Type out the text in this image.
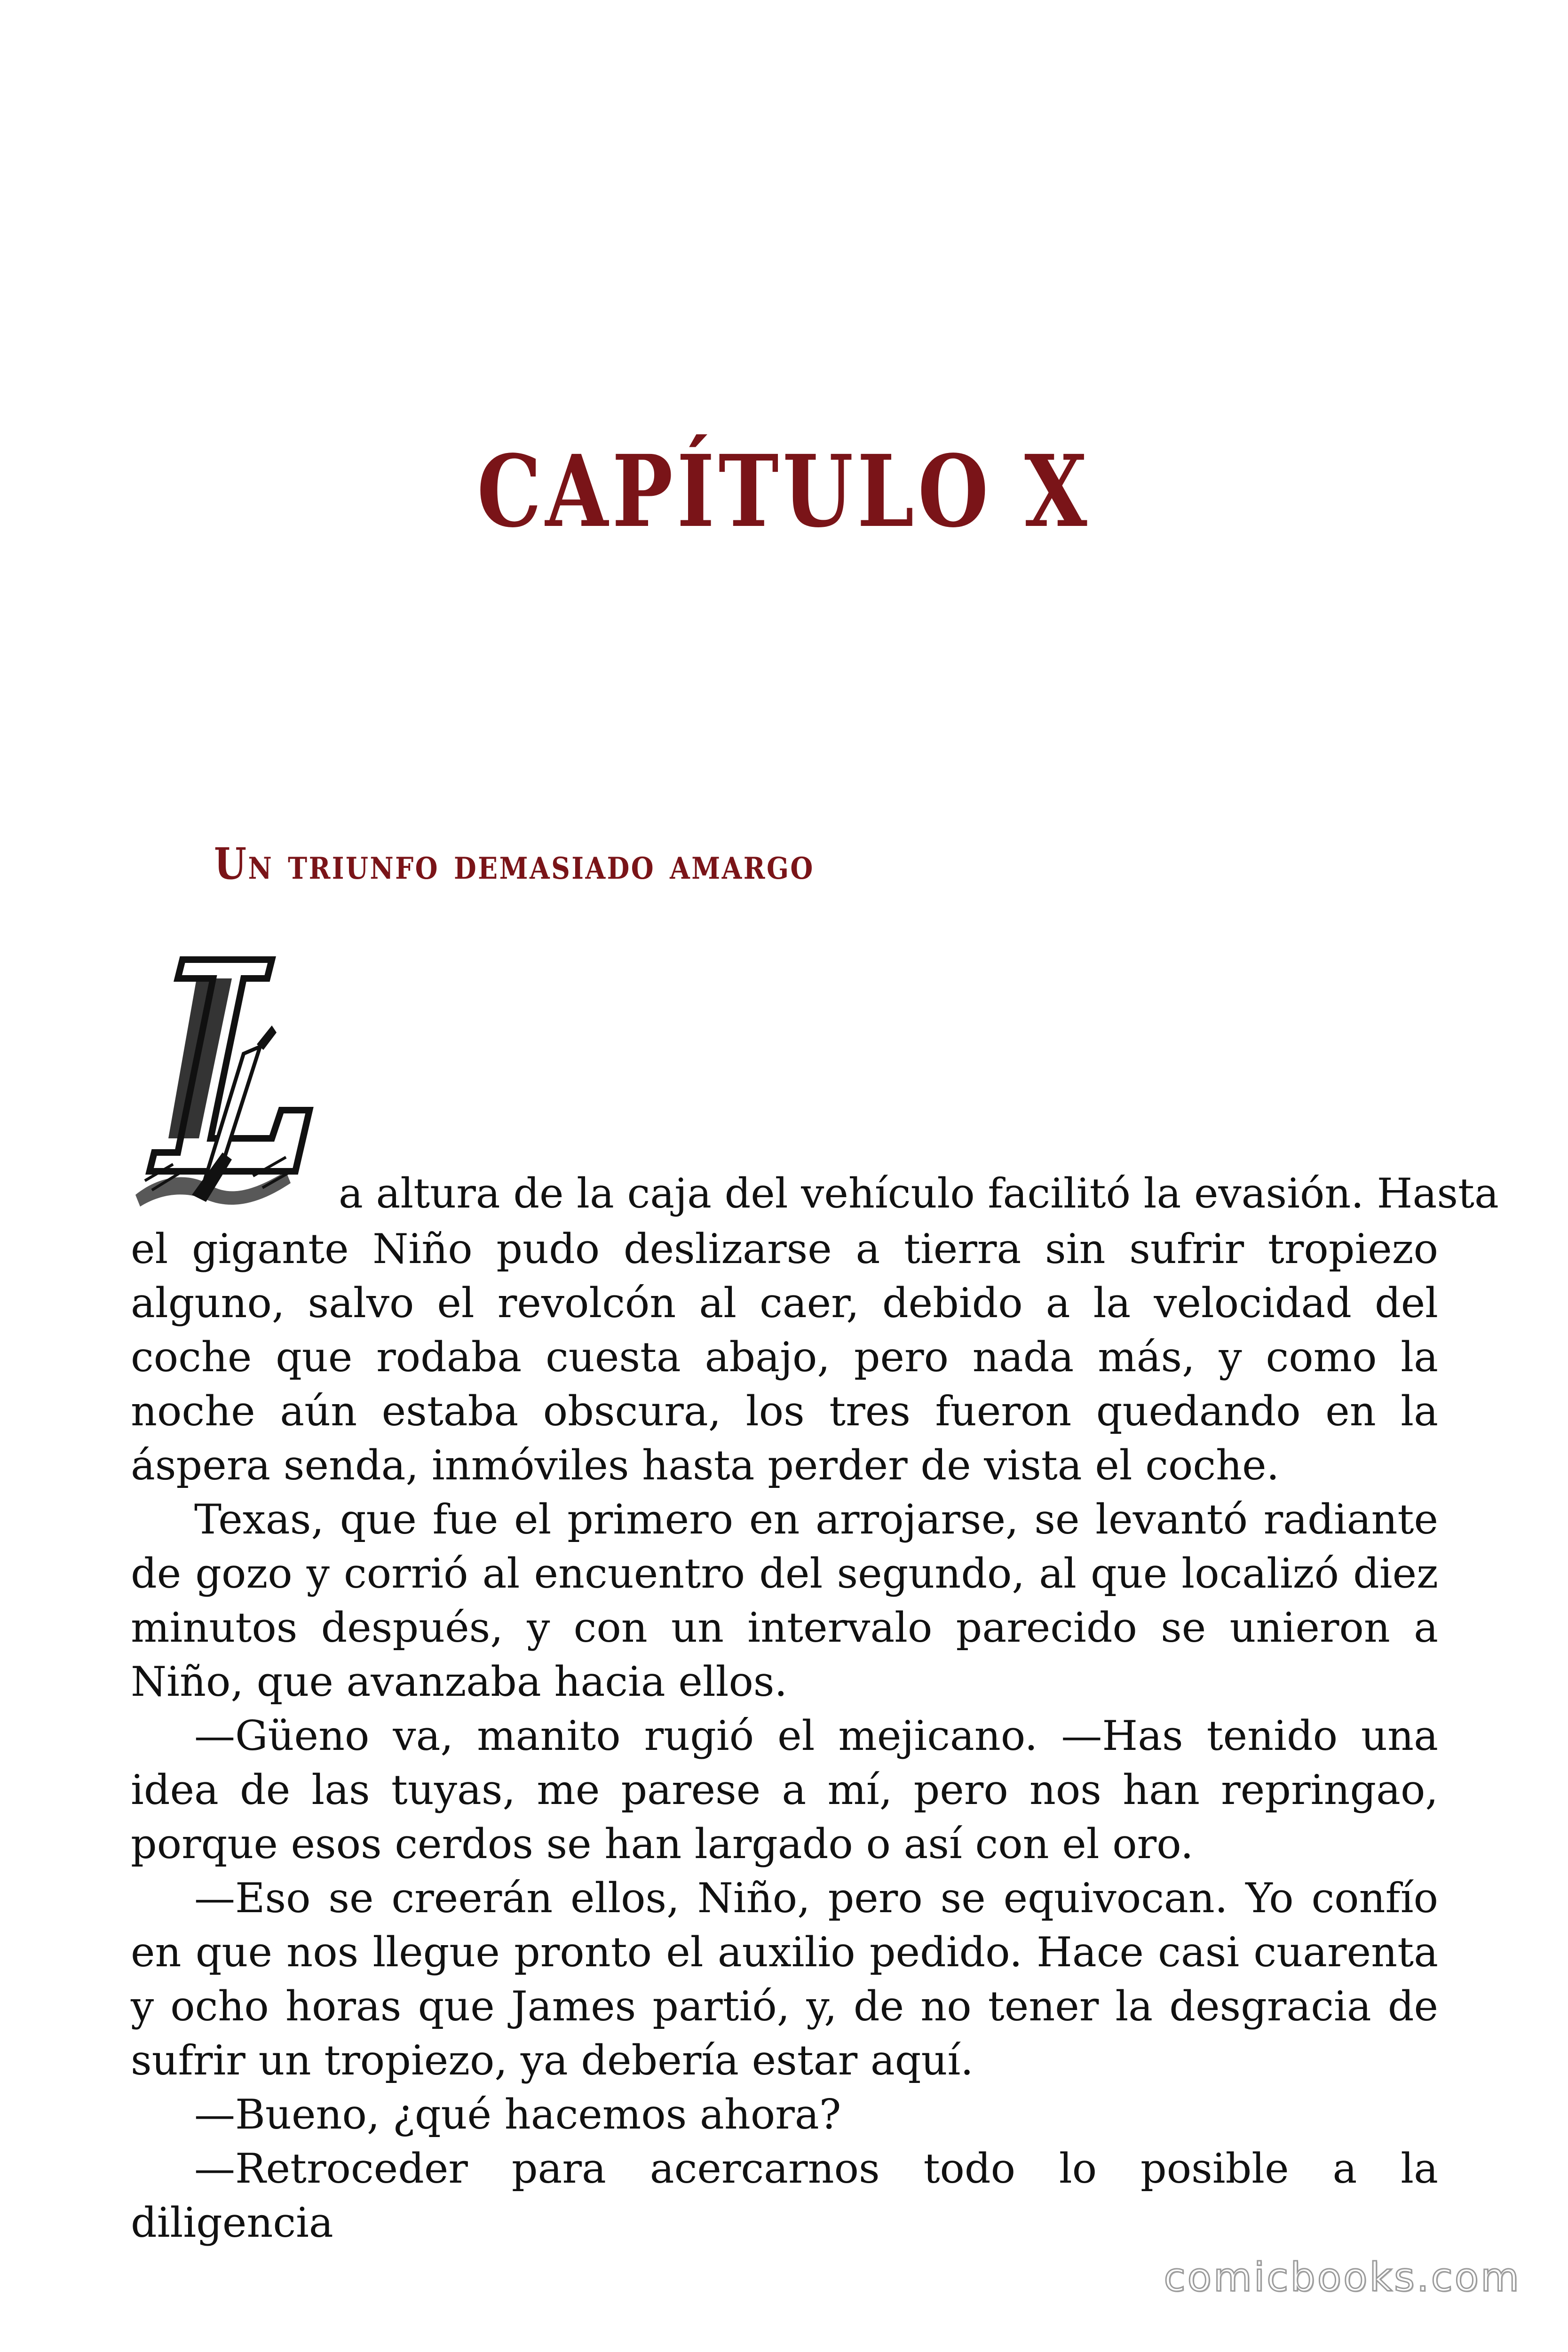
CAPÍTULO X
Un triunfo demasiado amargo
a altura de la caja del vehículo facilitó la evasión. Hasta

el gigante Niño pudo deslizarse a tierra sin sufrir tropiezo alguno, salvo el revolcón al caer, debido a la velocidad del coche que rodaba cuesta abajo, pero nada más, y como la noche aún estaba obscura, los tres fueron quedando en la áspera senda, inmóviles hasta perder de vista el coche.

Texas, que fue el primero en arrojarse, se levantó radiante de gozo y corrió al encuentro del segundo, al que localizó diez minutos después, y con un intervalo parecido se unieron a Niño, que avanzaba hacia ellos.

—Güeno va, manito rugió el mejicano. —Has tenido una idea de las tuyas, me parese a mí, pero nos han repringao, porque esos cerdos se han largado o así con el oro.

—Eso se creerán ellos, Niño, pero se equivocan. Yo confío en que nos llegue pronto el auxilio pedido. Hace casi cuarenta y ocho horas que James partió, y, de no tener la desgracia de sufrir un tropiezo, ya debería estar aquí.

—Bueno, ¿qué hacemos ahora?

—Retroceder para acercarnos todo lo posible a la diligencia

comicbooks.com
